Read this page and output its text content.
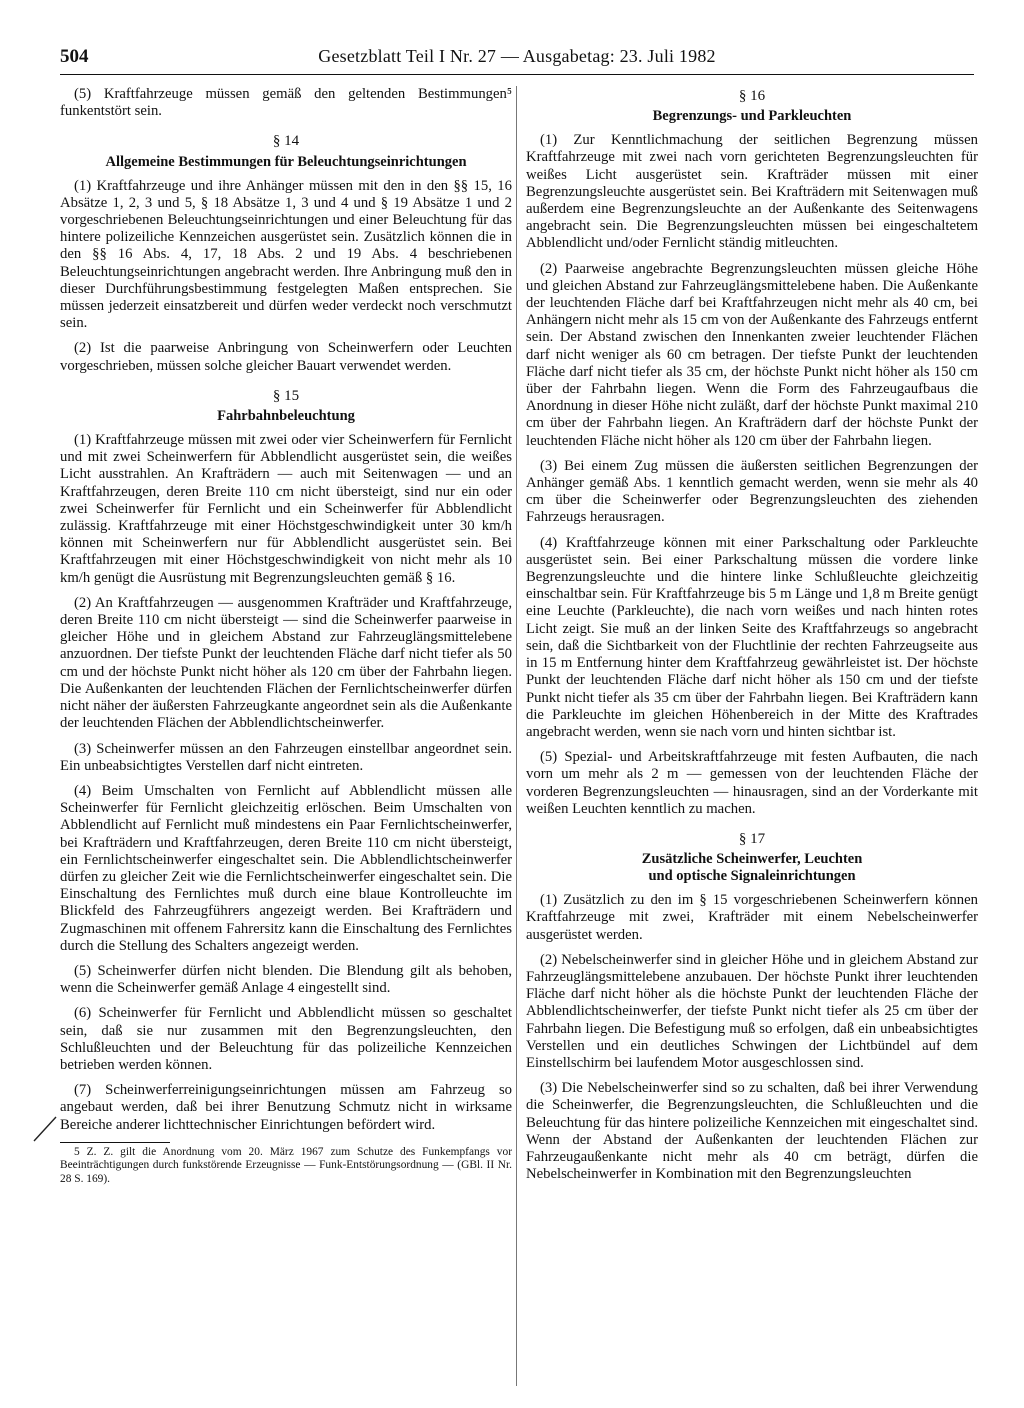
504	Gesetzblatt Teil I Nr. 27 — Ausgabetag: 23. Juli 1982

(5) Kraftfahrzeuge müssen gemäß den geltenden Bestimmungen⁵ funkentstört sein.

§ 14
Allgemeine Bestimmungen für Beleuchtungseinrichtungen

(1) Kraftfahrzeuge und ihre Anhänger müssen mit den in den §§ 15, 16 Absätze 1, 2, 3 und 5, § 18 Absätze 1, 3 und 4 und § 19 Absätze 1 und 2 vorgeschriebenen Beleuchtungseinrichtungen und einer Beleuchtung für das hintere polizeiliche Kennzeichen ausgerüstet sein. Zusätzlich können die in den §§ 16 Abs. 4, 17, 18 Abs. 2 und 19 Abs. 4 beschriebenen Beleuchtungseinrichtungen angebracht werden. Ihre Anbringung muß den in dieser Durchführungsbestimmung festgelegten Maßen entsprechen. Sie müssen jederzeit einsatzbereit und dürfen weder verdeckt noch verschmutzt sein.

(2) Ist die paarweise Anbringung von Scheinwerfern oder Leuchten vorgeschrieben, müssen solche gleicher Bauart verwendet werden.

§ 15
Fahrbahnbeleuchtung

(1) Kraftfahrzeuge müssen mit zwei oder vier Scheinwerfern für Fernlicht und mit zwei Scheinwerfern für Abblendlicht ausgerüstet sein, die weißes Licht ausstrahlen. An Krafträdern — auch mit Seitenwagen — und an Kraftfahrzeugen, deren Breite 110 cm nicht übersteigt, sind nur ein oder zwei Scheinwerfer für Fernlicht und ein Scheinwerfer für Abblendlicht zulässig. Kraftfahrzeuge mit einer Höchstgeschwindigkeit unter 30 km/h können mit Scheinwerfern nur für Abblendlicht ausgerüstet sein. Bei Kraftfahrzeugen mit einer Höchstgeschwindigkeit von nicht mehr als 10 km/h genügt die Ausrüstung mit Begrenzungsleuchten gemäß § 16.

(2) An Kraftfahrzeugen — ausgenommen Krafträder und Kraftfahrzeuge, deren Breite 110 cm nicht übersteigt — sind die Scheinwerfer paarweise in gleicher Höhe und in gleichem Abstand zur Fahrzeuglängsmittelebene anzuordnen. Der tiefste Punkt der leuchtenden Fläche darf nicht tiefer als 50 cm und der höchste Punkt nicht höher als 120 cm über der Fahrbahn liegen. Die Außenkanten der leuchtenden Flächen der Fernlichtscheinwerfer dürfen nicht näher der äußersten Fahrzeugkante angeordnet sein als die Außenkante der leuchtenden Flächen der Abblendlichtscheinwerfer.

(3) Scheinwerfer müssen an den Fahrzeugen einstellbar angeordnet sein. Ein unbeabsichtigtes Verstellen darf nicht eintreten.

(4) Beim Umschalten von Fernlicht auf Abblendlicht müssen alle Scheinwerfer für Fernlicht gleichzeitig erlöschen. Beim Umschalten von Abblendlicht auf Fernlicht muß mindestens ein Paar Fernlichtscheinwerfer, bei Krafträdern und Kraftfahrzeugen, deren Breite 110 cm nicht übersteigt, ein Fernlichtscheinwerfer eingeschaltet sein. Die Abblendlichtscheinwerfer dürfen zu gleicher Zeit wie die Fernlichtscheinwerfer eingeschaltet sein. Die Einschaltung des Fernlichtes muß durch eine blaue Kontrolleuchte im Blickfeld des Fahrzeugführers angezeigt werden. Bei Krafträdern und Zugmaschinen mit offenem Fahrersitz kann die Einschaltung des Fernlichtes durch die Stellung des Schalters angezeigt werden.

(5) Scheinwerfer dürfen nicht blenden. Die Blendung gilt als behoben, wenn die Scheinwerfer gemäß Anlage 4 eingestellt sind.

(6) Scheinwerfer für Fernlicht und Abblendlicht müssen so geschaltet sein, daß sie nur zusammen mit den Begrenzungsleuchten, den Schlußleuchten und der Beleuchtung für das polizeiliche Kennzeichen betrieben werden können.

(7) Scheinwerferreinigungseinrichtungen müssen am Fahrzeug so angebaut werden, daß bei ihrer Benutzung Schmutz nicht in wirksame Bereiche anderer lichttechnischer Einrichtungen befördert wird.

5 Z. Z. gilt die Anordnung vom 20. März 1967 zum Schutze des Funkempfangs vor Beeinträchtigungen durch funkstörende Erzeugnisse — Funk-Entstörungsordnung — (GBl. II Nr. 28 S. 169).

§ 16
Begrenzungs- und Parkleuchten

(1) Zur Kenntlichmachung der seitlichen Begrenzung müssen Kraftfahrzeuge mit zwei nach vorn gerichteten Begrenzungsleuchten für weißes Licht ausgerüstet sein. Krafträder müssen mit einer Begrenzungsleuchte ausgerüstet sein. Bei Krafträdern mit Seitenwagen muß außerdem eine Begrenzungsleuchte an der Außenkante des Seitenwagens angebracht sein. Die Begrenzungsleuchten müssen bei eingeschaltetem Abblendlicht und/oder Fernlicht ständig mitleuchten.

(2) Paarweise angebrachte Begrenzungsleuchten müssen gleiche Höhe und gleichen Abstand zur Fahrzeuglängsmittelebene haben. Die Außenkante der leuchtenden Fläche darf bei Kraftfahrzeugen nicht mehr als 40 cm, bei Anhängern nicht mehr als 15 cm von der Außenkante des Fahrzeugs entfernt sein. Der Abstand zwischen den Innenkanten zweier leuchtender Flächen darf nicht weniger als 60 cm betragen. Der tiefste Punkt der leuchtenden Fläche darf nicht tiefer als 35 cm, der höchste Punkt nicht höher als 150 cm über der Fahrbahn liegen. Wenn die Form des Fahrzeugaufbaus die Anordnung in dieser Höhe nicht zuläßt, darf der höchste Punkt maximal 210 cm über der Fahrbahn liegen. An Krafträdern darf der höchste Punkt der leuchtenden Fläche nicht höher als 120 cm über der Fahrbahn liegen.

(3) Bei einem Zug müssen die äußersten seitlichen Begrenzungen der Anhänger gemäß Abs. 1 kenntlich gemacht werden, wenn sie mehr als 40 cm über die Scheinwerfer oder Begrenzungsleuchten des ziehenden Fahrzeugs herausragen.

(4) Kraftfahrzeuge können mit einer Parkschaltung oder Parkleuchte ausgerüstet sein. Bei einer Parkschaltung müssen die vordere linke Begrenzungsleuchte und die hintere linke Schlußleuchte gleichzeitig einschaltbar sein. Für Kraftfahrzeuge bis 5 m Länge und 1,8 m Breite genügt eine Leuchte (Parkleuchte), die nach vorn weißes und nach hinten rotes Licht zeigt. Sie muß an der linken Seite des Kraftfahrzeugs so angebracht sein, daß die Sichtbarkeit von der Fluchtlinie der rechten Fahrzeugseite aus in 15 m Entfernung hinter dem Kraftfahrzeug gewährleistet ist. Der höchste Punkt der leuchtenden Fläche darf nicht höher als 150 cm und der tiefste Punkt nicht tiefer als 35 cm über der Fahrbahn liegen. Bei Krafträdern kann die Parkleuchte im gleichen Höhenbereich in der Mitte des Kraftrades angebracht werden, wenn sie nach vorn und hinten sichtbar ist.

(5) Spezial- und Arbeitskraftfahrzeuge mit festen Aufbauten, die nach vorn um mehr als 2 m — gemessen von der leuchtenden Fläche der vorderen Begrenzungsleuchten — hinausragen, sind an der Vorderkante mit weißen Leuchten kenntlich zu machen.

§ 17
Zusätzliche Scheinwerfer, Leuchten
und optische Signaleinrichtungen

(1) Zusätzlich zu den im § 15 vorgeschriebenen Scheinwerfern können Kraftfahrzeuge mit zwei, Krafträder mit einem Nebelscheinwerfer ausgerüstet werden.

(2) Nebelscheinwerfer sind in gleicher Höhe und in gleichem Abstand zur Fahrzeuglängsmittelebene anzubauen. Der höchste Punkt ihrer leuchtenden Fläche darf nicht höher als die höchste Punkt der leuchtenden Fläche der Abblendlichtscheinwerfer, der tiefste Punkt nicht tiefer als 25 cm über der Fahrbahn liegen. Die Befestigung muß so erfolgen, daß ein unbeabsichtigtes Verstellen und ein deutliches Schwingen der Lichtbündel auf dem Einstellschirm bei laufendem Motor ausgeschlossen sind.

(3) Die Nebelscheinwerfer sind so zu schalten, daß bei ihrer Verwendung die Scheinwerfer, die Begrenzungsleuchten, die Schlußleuchten und die Beleuchtung für das hintere polizeiliche Kennzeichen mit eingeschaltet sind. Wenn der Abstand der Außenkanten der leuchtenden Flächen zur Fahrzeugaußenkante nicht mehr als 40 cm beträgt, dürfen die Nebelscheinwerfer in Kombination mit den Begrenzungsleuchten
